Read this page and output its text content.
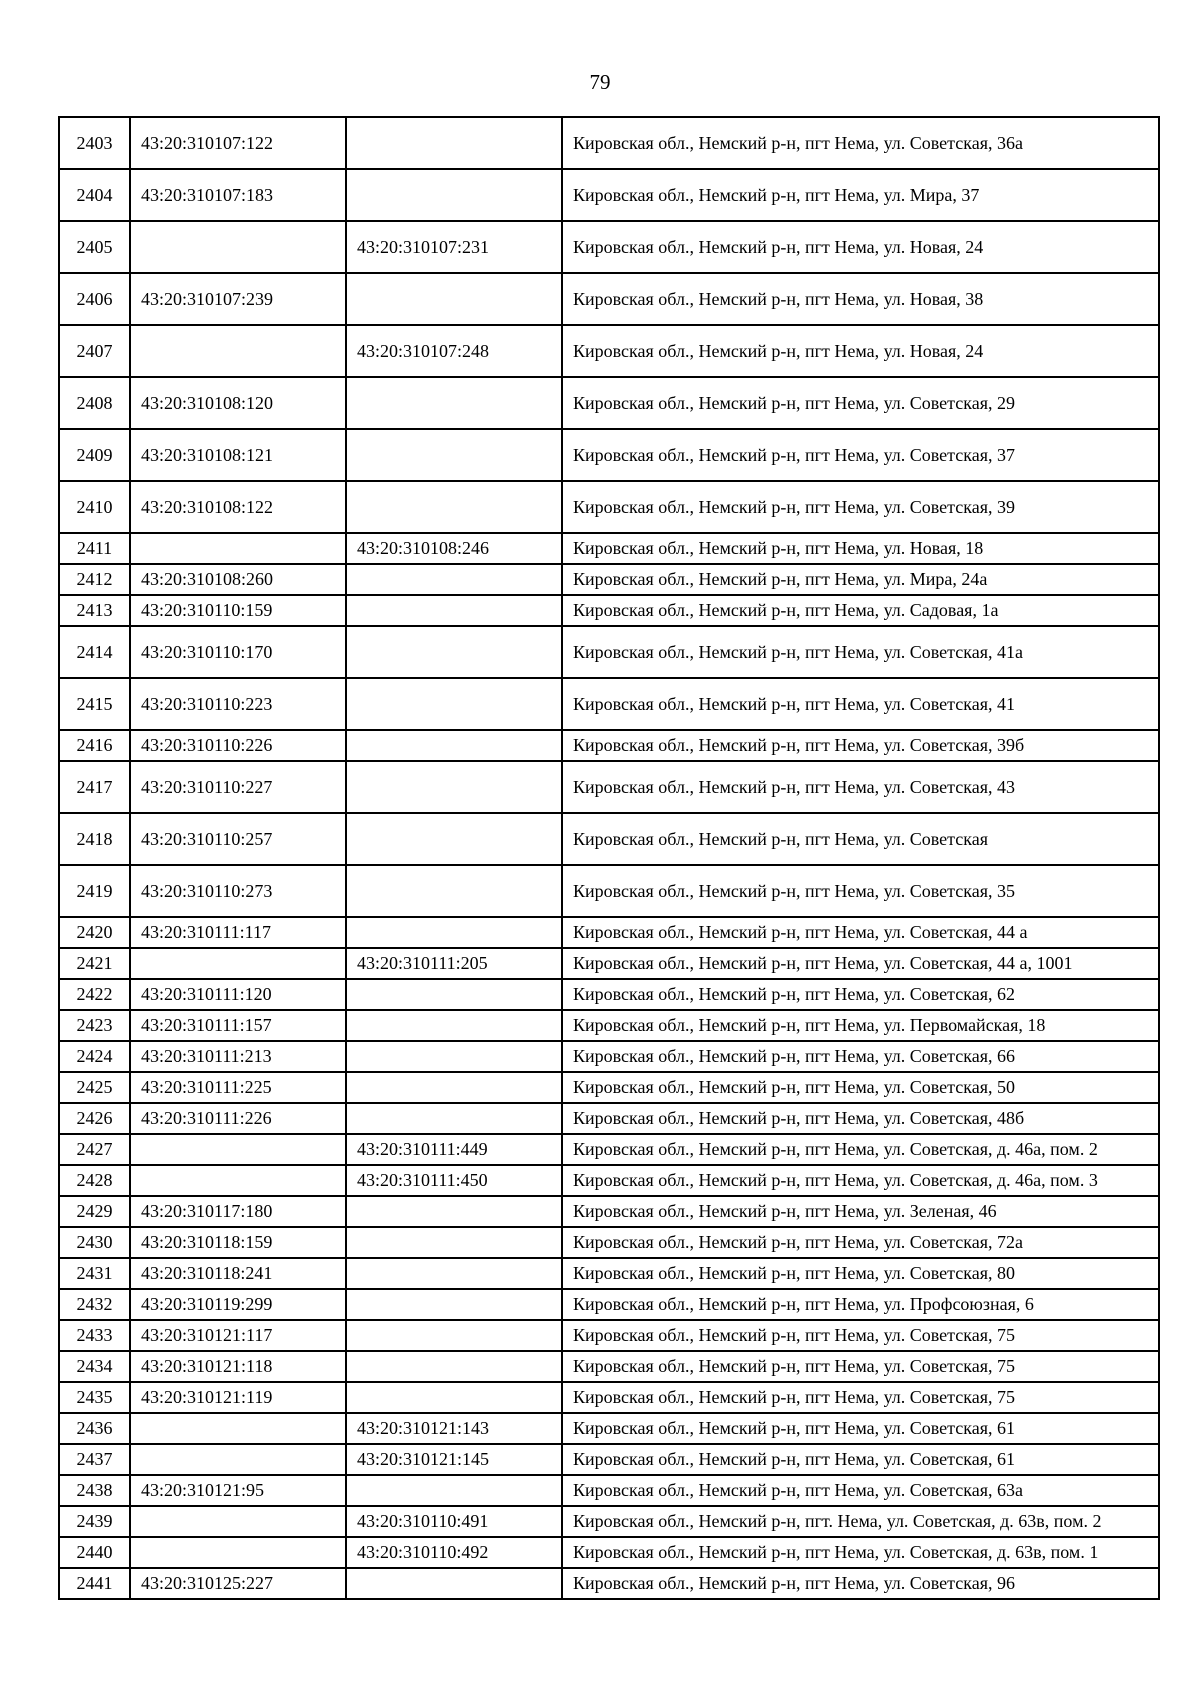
79
2403	43:20:310107:122		Кировская обл., Немский р-н, пгт Нема, ул. Советская, 36а
2404	43:20:310107:183		Кировская обл., Немский р-н, пгт Нема, ул. Мира, 37
2405		43:20:310107:231	Кировская обл., Немский р-н, пгт Нема, ул. Новая, 24
2406	43:20:310107:239		Кировская обл., Немский р-н, пгт Нема, ул. Новая, 38
2407		43:20:310107:248	Кировская обл., Немский р-н, пгт Нема, ул. Новая, 24
2408	43:20:310108:120		Кировская обл., Немский р-н, пгт Нема, ул. Советская, 29
2409	43:20:310108:121		Кировская обл., Немский р-н, пгт Нема, ул. Советская, 37
2410	43:20:310108:122		Кировская обл., Немский р-н, пгт Нема, ул. Советская, 39
2411		43:20:310108:246	Кировская обл., Немский р-н, пгт Нема, ул. Новая, 18
2412	43:20:310108:260		Кировская обл., Немский р-н, пгт Нема, ул. Мира, 24а
2413	43:20:310110:159		Кировская обл., Немский р-н, пгт Нема, ул. Садовая, 1а
2414	43:20:310110:170		Кировская обл., Немский р-н, пгт Нема, ул. Советская, 41а
2415	43:20:310110:223		Кировская обл., Немский р-н, пгт Нема, ул. Советская, 41
2416	43:20:310110:226		Кировская обл., Немский р-н, пгт Нема, ул. Советская, 39б
2417	43:20:310110:227		Кировская обл., Немский р-н, пгт Нема, ул. Советская, 43
2418	43:20:310110:257		Кировская обл., Немский р-н, пгт Нема, ул. Советская
2419	43:20:310110:273		Кировская обл., Немский р-н, пгт Нема, ул. Советская, 35
2420	43:20:310111:117		Кировская обл., Немский р-н, пгт Нема, ул. Советская, 44 а
2421		43:20:310111:205	Кировская обл., Немский р-н, пгт Нема, ул. Советская, 44 а, 1001
2422	43:20:310111:120		Кировская обл., Немский р-н, пгт Нема, ул. Советская, 62
2423	43:20:310111:157		Кировская обл., Немский р-н, пгт Нема, ул. Первомайская, 18
2424	43:20:310111:213		Кировская обл., Немский р-н, пгт Нема, ул. Советская, 66
2425	43:20:310111:225		Кировская обл., Немский р-н, пгт Нема, ул. Советская, 50
2426	43:20:310111:226		Кировская обл., Немский р-н, пгт Нема, ул. Советская, 48б
2427		43:20:310111:449	Кировская обл., Немский р-н, пгт Нема, ул. Советская, д. 46а, пом. 2
2428		43:20:310111:450	Кировская обл., Немский р-н, пгт Нема, ул. Советская, д. 46а, пом. 3
2429	43:20:310117:180		Кировская обл., Немский р-н, пгт Нема, ул. Зеленая, 46
2430	43:20:310118:159		Кировская обл., Немский р-н, пгт Нема, ул. Советская, 72а
2431	43:20:310118:241		Кировская обл., Немский р-н, пгт Нема, ул. Советская, 80
2432	43:20:310119:299		Кировская обл., Немский р-н, пгт Нема, ул. Профсоюзная, 6
2433	43:20:310121:117		Кировская обл., Немский р-н, пгт Нема, ул. Советская, 75
2434	43:20:310121:118		Кировская обл., Немский р-н, пгт Нема, ул. Советская, 75
2435	43:20:310121:119		Кировская обл., Немский р-н, пгт Нема, ул. Советская, 75
2436		43:20:310121:143	Кировская обл., Немский р-н, пгт Нема, ул. Советская, 61
2437		43:20:310121:145	Кировская обл., Немский р-н, пгт Нема, ул. Советская, 61
2438	43:20:310121:95		Кировская обл., Немский р-н, пгт Нема, ул. Советская, 63а
2439		43:20:310110:491	Кировская обл., Немский р-н, пгт. Нема, ул. Советская, д. 63в, пом. 2
2440		43:20:310110:492	Кировская обл., Немский р-н, пгт Нема, ул. Советская, д. 63в, пом. 1
2441	43:20:310125:227		Кировская обл., Немский р-н, пгт Нема, ул. Советская, 96
